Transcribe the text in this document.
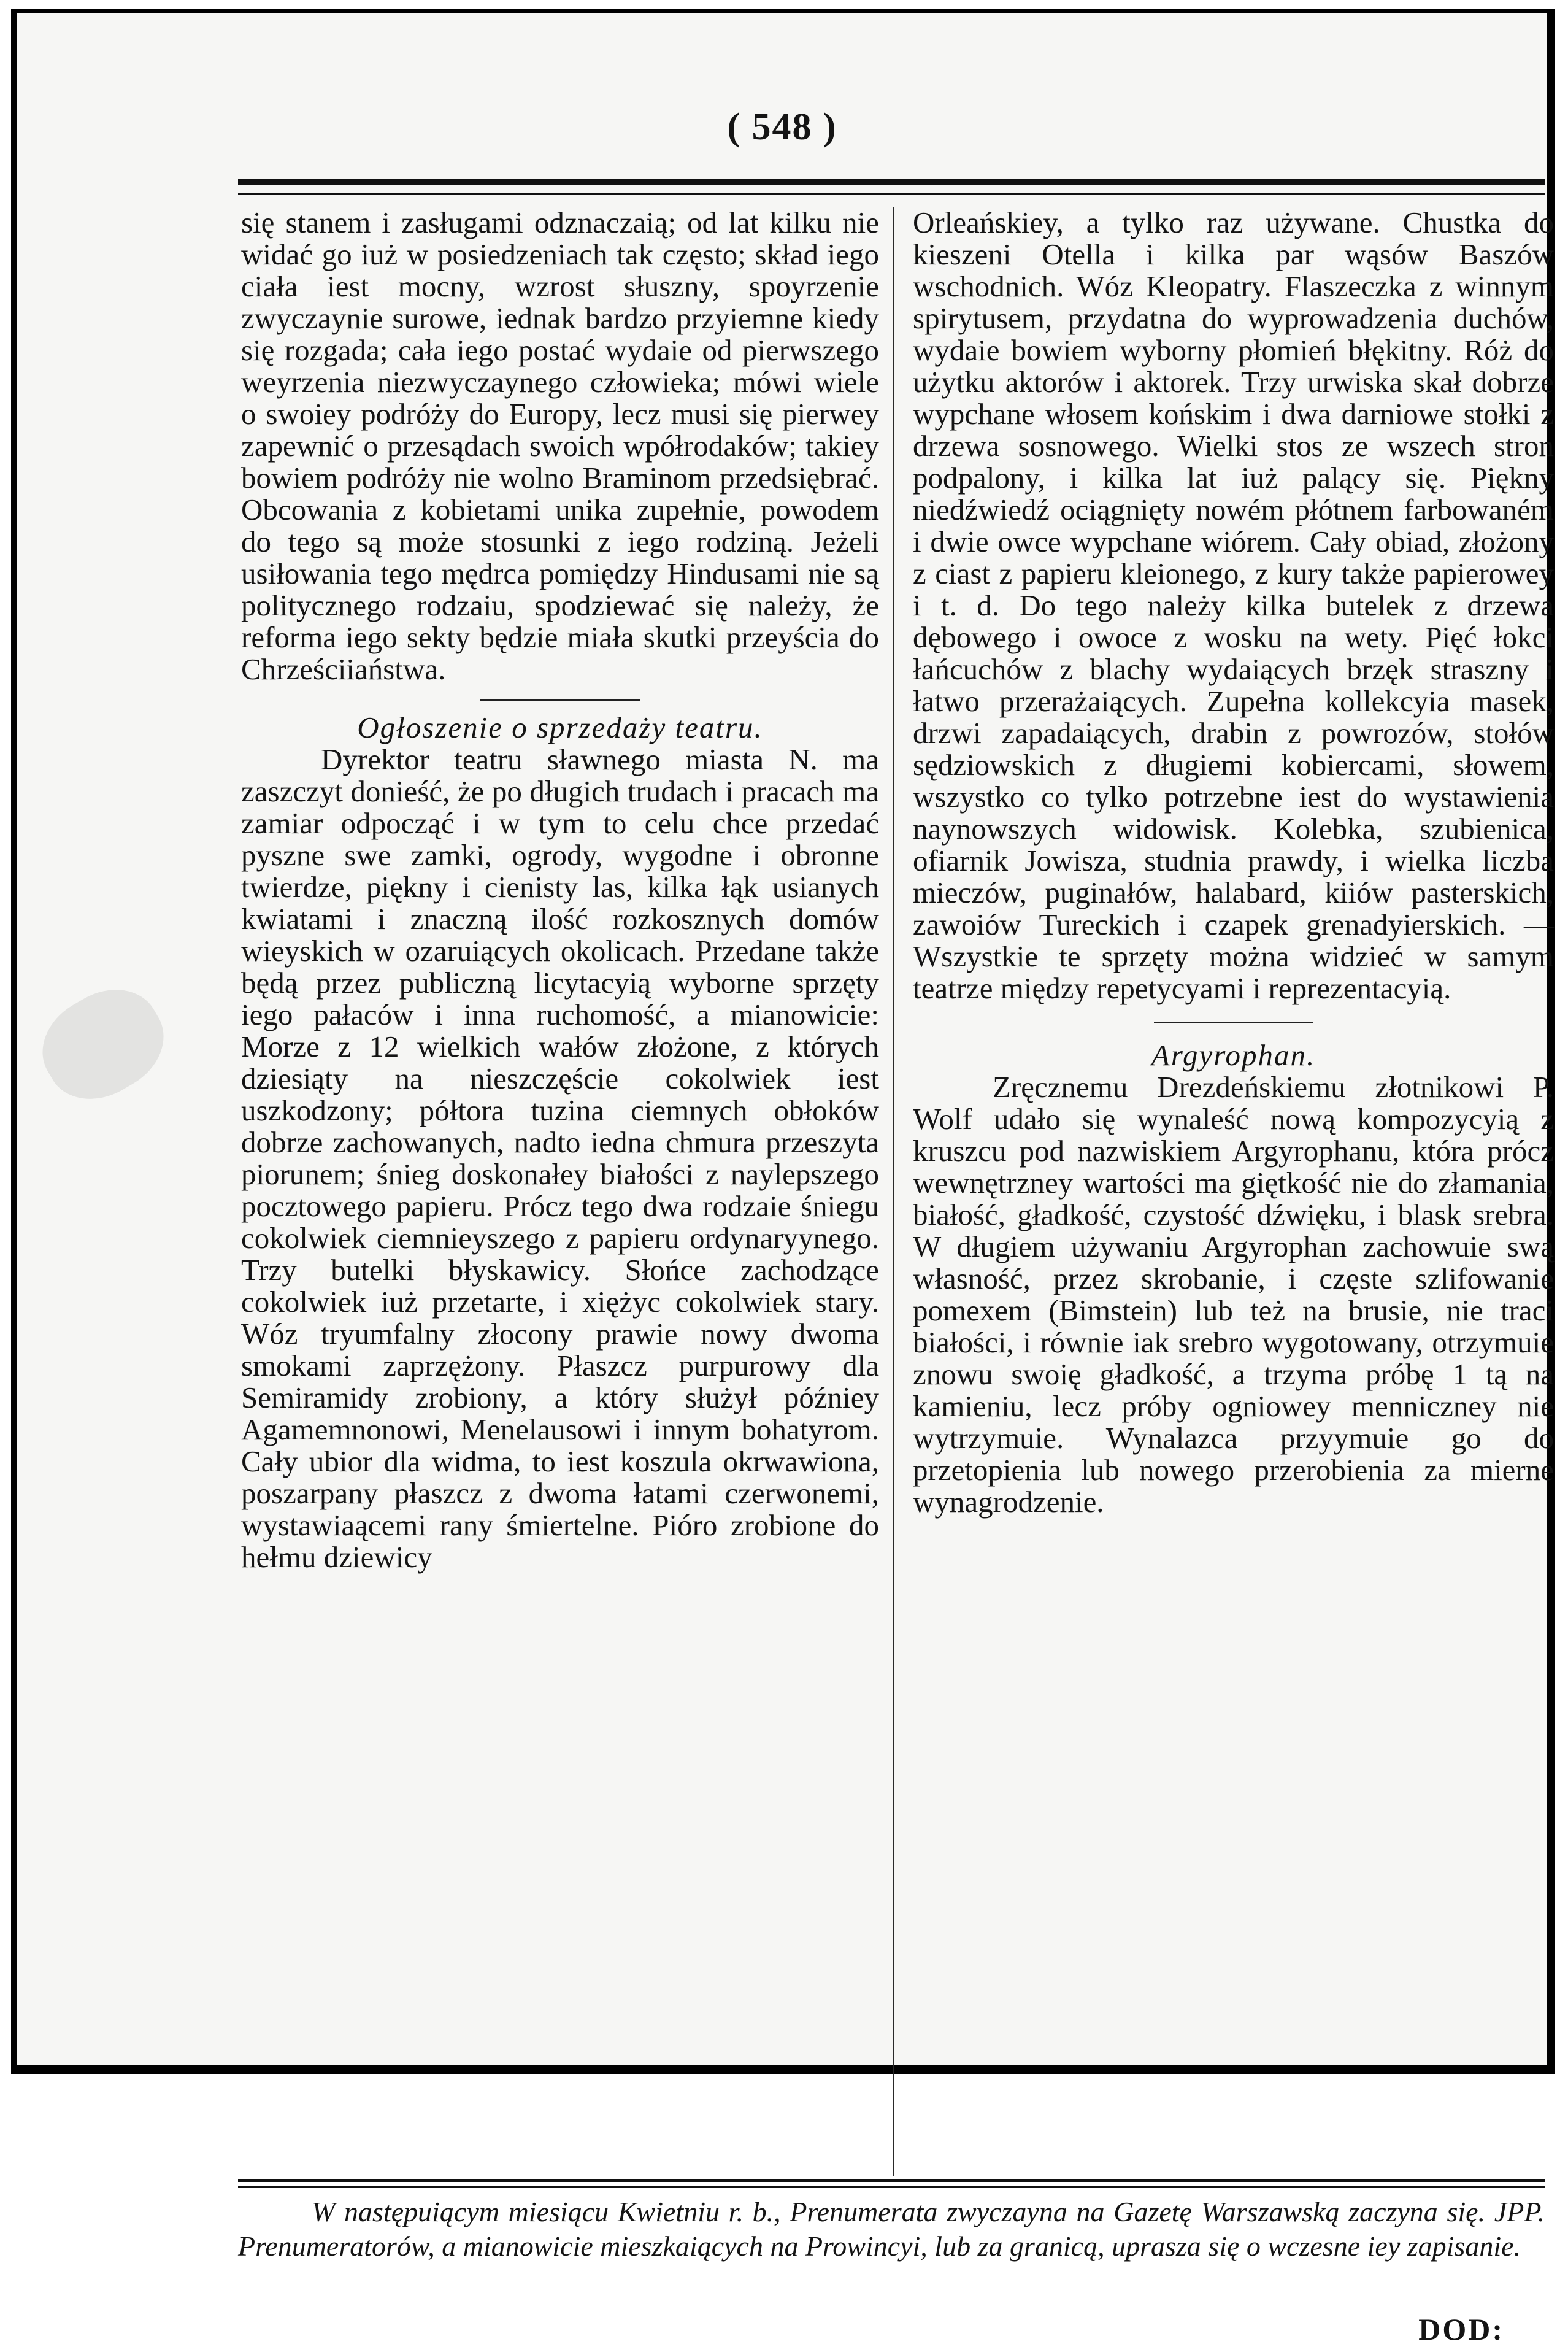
( 548 )

się stanem i zasługami odznaczaią; od lat kilku nie widać go iuż w posiedzeniach tak często; skład iego ciała iest mocny, wzrost słuszny, spoyrzenie zwyczaynie surowe, iednak bardzo przyiemne kiedy się rozgada; cała iego postać wydaie od pierwszego weyrzenia niezwyczaynego człowieka; mówi wiele o swoiey podróży do Europy, lecz musi się pierwey zapewnić o przesądach swoich wpółrodaków; takiey bowiem podróży nie wolno Braminom przedsiębrać. Obcowania z kobietami unika zupełnie, powodem do tego są może stosunki z iego rodziną. Jeżeli usiłowania tego mędrca pomiędzy Hindusami nie są politycznego rodzaiu, spodziewać się należy, że reforma iego sekty będzie miała skutki przeyścia do Chrześciiaństwa.

Ogłoszenie o sprzedaży teatru.

Dyrektor teatru sławnego miasta N. ma zaszczyt donieść, że po długich trudach i pracach ma zamiar odpocząć i w tym to celu chce przedać pyszne swe zamki, ogrody, wygodne i obronne twierdze, piękny i cienisty las, kilka łąk usianych kwiatami i znaczną ilość rozkosznych domów wieyskich w ozaruiących okolicach. Przedane także będą przez publiczną licytacyią wyborne sprzęty iego pałaców i inna ruchomość, a mianowicie: Morze z 12 wielkich wałów złożone, z których dziesiąty na nieszczęście cokolwiek iest uszkodzony; półtora tuzina ciemnych obłoków dobrze zachowanych, nadto iedna chmura przeszyta piorunem; śnieg doskonałey białości z naylepszego pocztowego papieru. Prócz tego dwa rodzaie śniegu cokolwiek ciemnieyszego z papieru ordynaryynego. Trzy butelki błyskawicy. Słońce zachodzące cokolwiek iuż przetarte, i xiężyc cokolwiek stary. Wóz tryumfalny złocony prawie nowy dwoma smokami zaprzężony. Płaszcz purpurowy dla Semiramidy zrobiony, a który służył późniey Agamemnonowi, Menelausowi i innym bohatyrom. Cały ubior dla widma, to iest koszula okrwawiona, poszarpany płaszcz z dwoma łatami czerwonemi, wystawiaącemi rany śmiertelne. Pióro zrobione do hełmu dziewicy

Orleańskiey, a tylko raz używane. Chustka do kieszeni Otella i kilka par wąsów Baszów wschodnich. Wóz Kleopatry. Flaszeczka z winnym spirytusem, przydatna do wyprowadzenia duchów, wydaie bowiem wyborny płomień błękitny. Róż do użytku aktorów i aktorek. Trzy urwiska skał dobrze wypchane włosem końskim i dwa darniowe stołki z drzewa sosnowego. Wielki stos ze wszech stron podpalony, i kilka lat iuż palący się. Piękny niedźwiedź ociągnięty nowém płótnem farbowaném i dwie owce wypchane wiórem. Cały obiad, złożony z ciast z papieru kleionego, z kury także papierowey i t. d. Do tego należy kilka butelek z drzewa dębowego i owoce z wosku na wety. Pięć łokci łańcuchów z blachy wydaiących brzęk straszny i łatwo przerażaiących. Zupełna kollekcyia masek, drzwi zapadaiących, drabin z powrozów, stołów sędziowskich z długiemi kobiercami, słowem, wszystko co tylko potrzebne iest do wystawienia naynowszych widowisk. Kolebka, szubienica, ofiarnik Jowisza, studnia prawdy, i wielka liczba mieczów, puginałów, halabard, kiiów pasterskich, zawoiów Tureckich i czapek grenadyierskich. — Wszystkie te sprzęty można widzieć w samym teatrze między repetycyami i reprezentacyią.

Argyrophan.

Zręcznemu Drezdeńskiemu złotnikowi P. Wolf udało się wynaleść nową kompozycyią z kruszcu pod nazwiskiem Argyrophanu, która prócz wewnętrzney wartości ma giętkość nie do złamania, białość, gładkość, czystość dźwięku, i blask srebra. W długiem używaniu Argyrophan zachowuie swą własność, przez skrobanie, i częste szlifowanie pomexem (Bimstein) lub też na brusie, nie traci białości, i równie iak srebro wygotowany, otrzymuie znowu swoię gładkość, a trzyma próbę 1 tą na kamieniu, lecz próby ogniowey menniczney nie wytrzymuie. Wynalazca przyymuie go do przetopienia lub nowego przerobienia za mierne wynagrodzenie.

W następuiącym miesiącu Kwietniu r. b., Prenumerata zwyczayna na Gazetę Warszawską zaczyna się. JPP. Prenumeratorów, a mianowicie mieszkaiących na Prowincyi, lub za granicą, uprasza się o wczesne iey zapisanie.

DOD:
